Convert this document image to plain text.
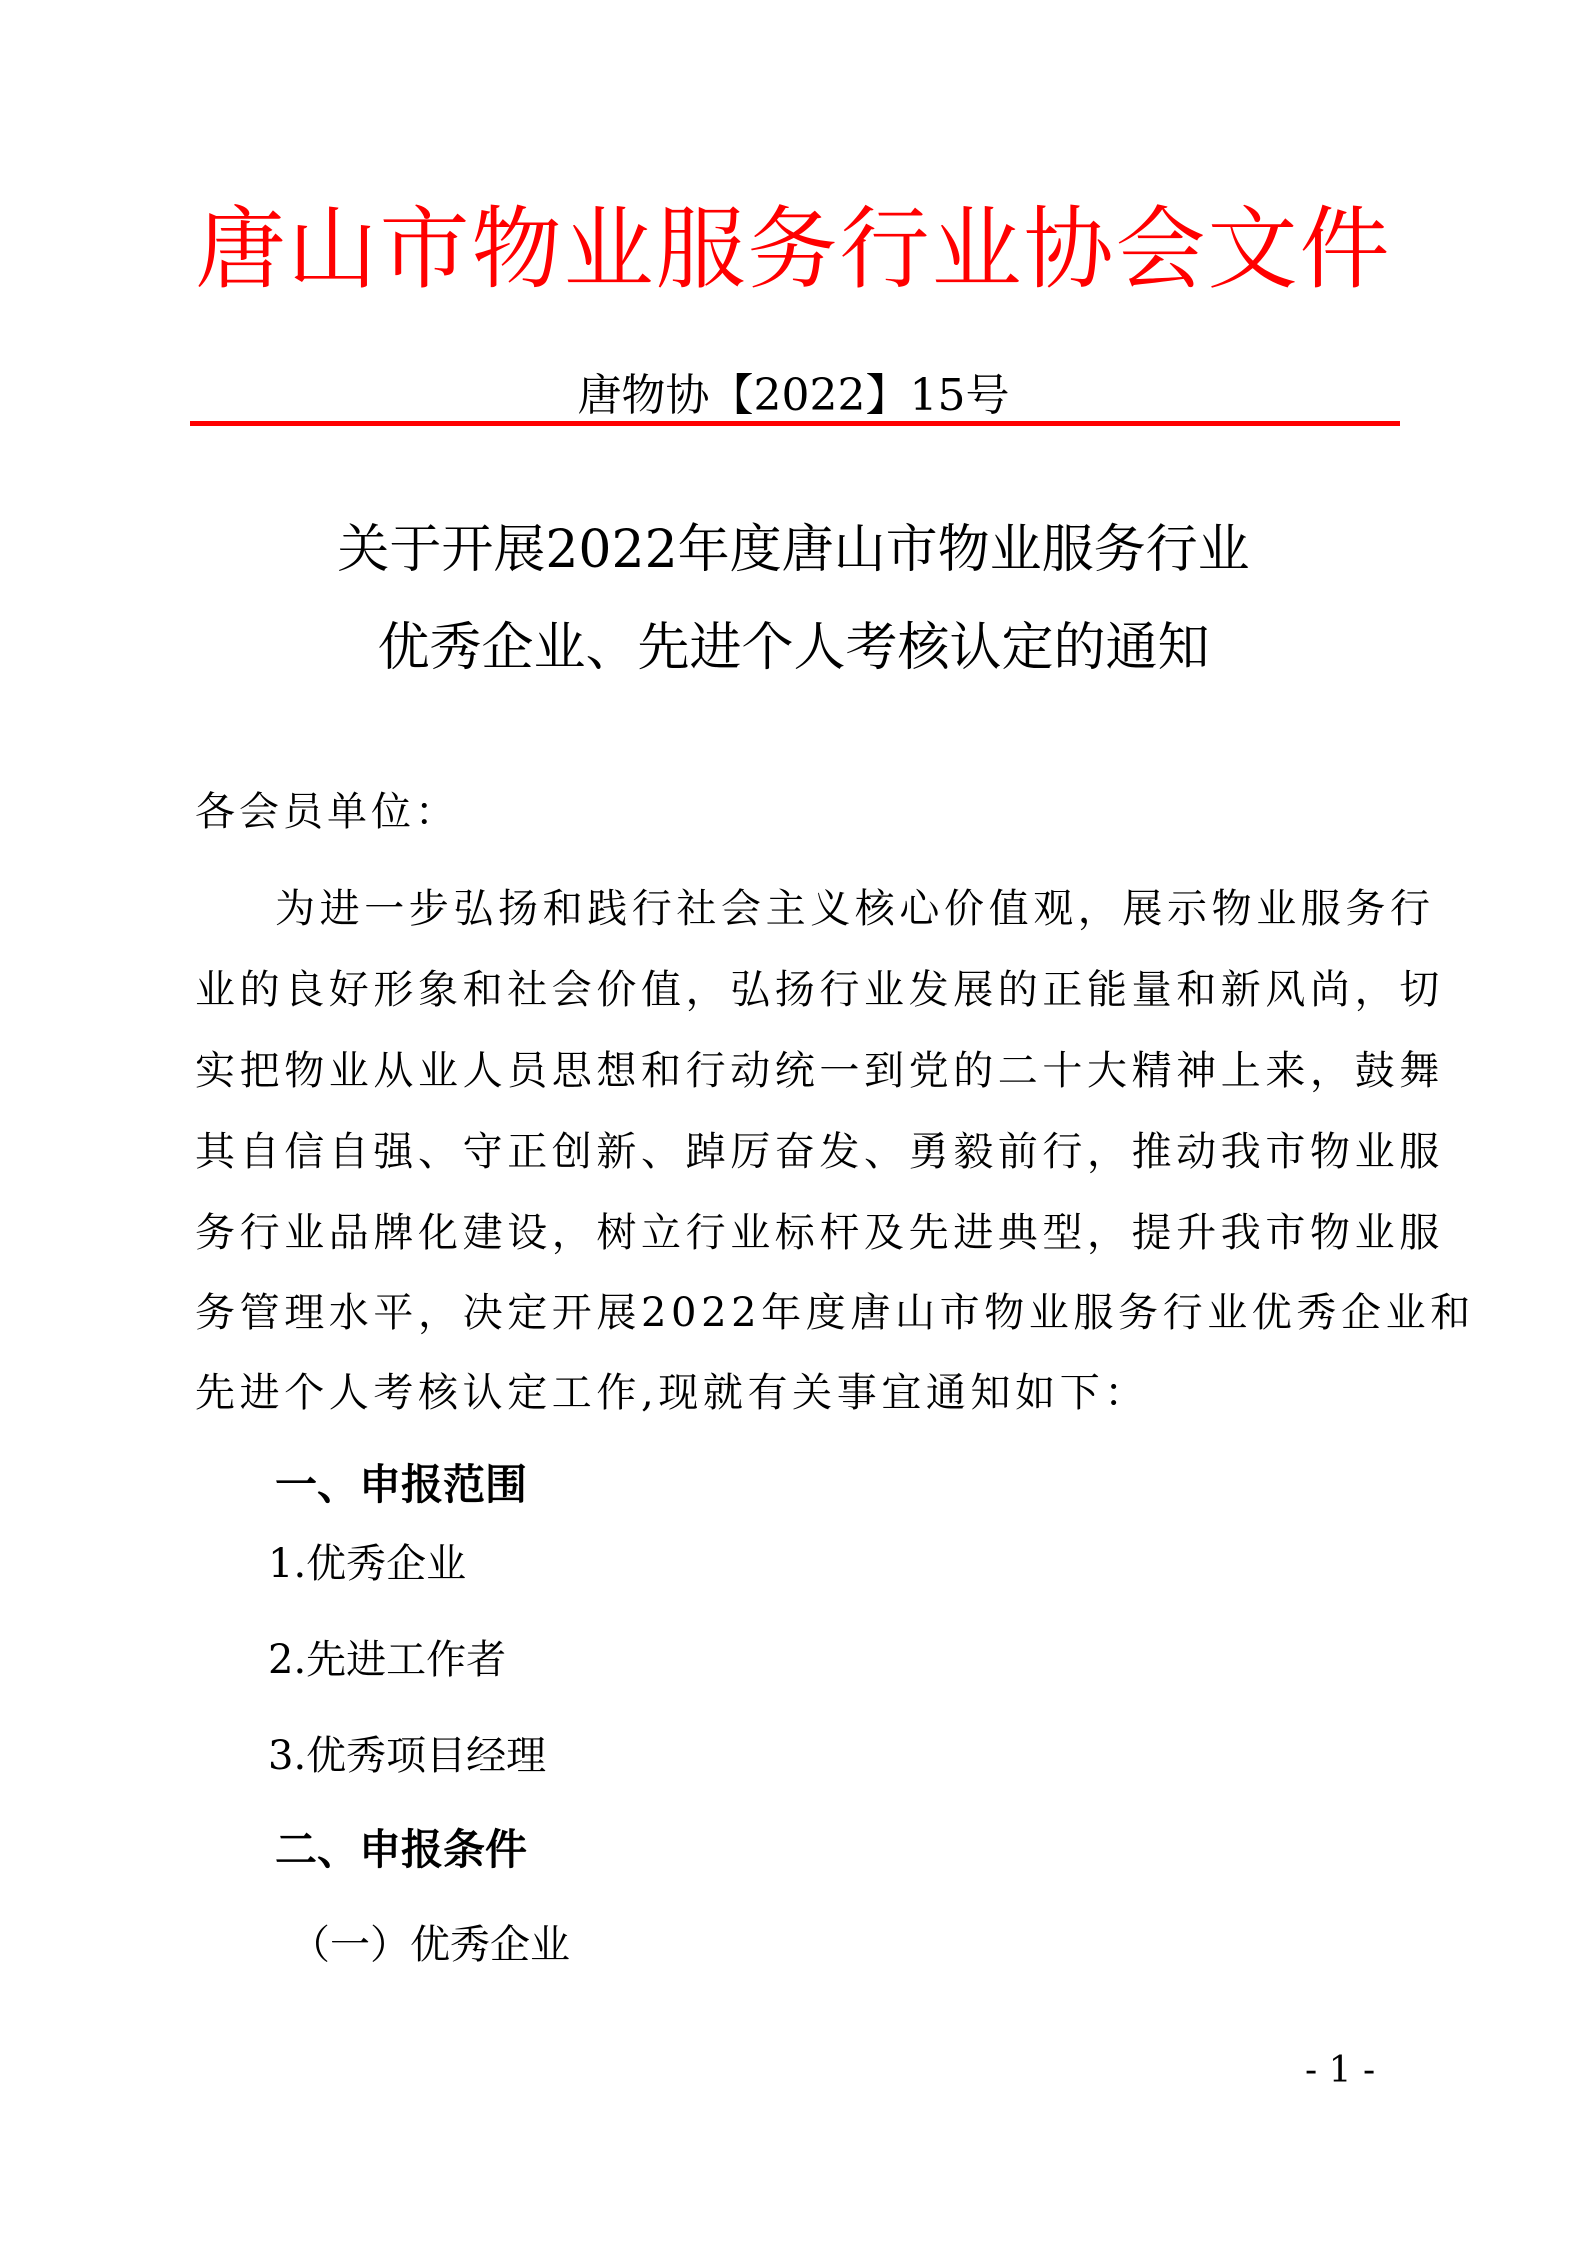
唐山市物业服务行业协会文件
唐物协【2022】15号
关于开展2022年度唐山市物业服务行业
优秀企业、先进个人考核认定的通知
各会员单位：
为进一步弘扬和践行社会主义核心价值观，展示物业服务行
业的良好形象和社会价值，弘扬行业发展的正能量和新风尚，切
实把物业从业人员思想和行动统一到党的二十大精神上来，鼓舞
其自信自强、守正创新、踔厉奋发、勇毅前行，推动我市物业服
务行业品牌化建设，树立行业标杆及先进典型，提升我市物业服
务管理水平，决定开展2022年度唐山市物业服务行业优秀企业和
先进个人考核认定工作,现就有关事宜通知如下：
一、申报范围
1.优秀企业
2.先进工作者
3.优秀项目经理
二、申报条件
（一）优秀企业
- 1 -
